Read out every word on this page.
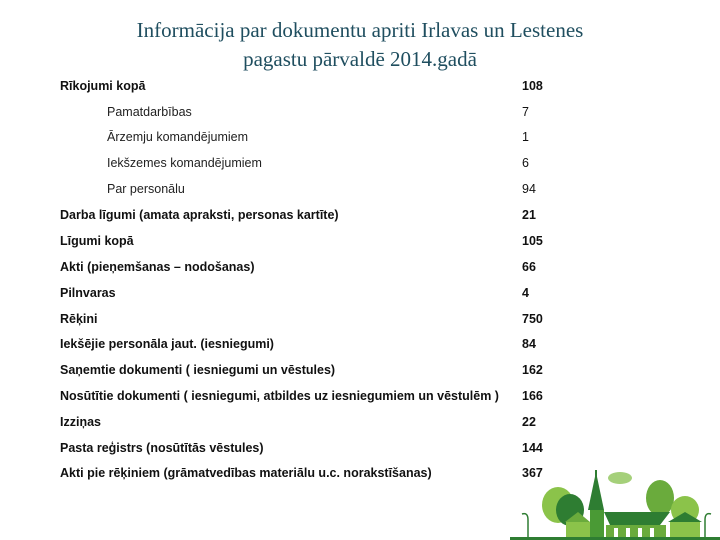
Informācija par dokumentu apriti Irlavas un Lestenes
pagastu pārvaldē 2014.gadā
Rīkojumi kopā	108
Pamatdarbības	7
Ārzemju komandējumiem	1
Iekšzemes komandējumiem	6
Par personālu	94
Darba līgumi (amata apraksti, personas kartīte)	21
Līgumi kopā	105
Akti (pieņemšanas – nodošanas)	66
Pilnvaras	4
Rēķini	750
Iekšējie personāla jaut. (iesniegumi)	84
Saņemtie dokumenti ( iesniegumi un vēstules)	162
Nosūtītie dokumenti ( iesniegumi, atbildes uz iesniegumiem un vēstulēm ) 166
Izziņas	22
Pasta reģistrs (nosūtītās vēstules)	144
Akti pie rēķiniem (grāmatvedības materiālu u.c. norakstīšanas)	367
